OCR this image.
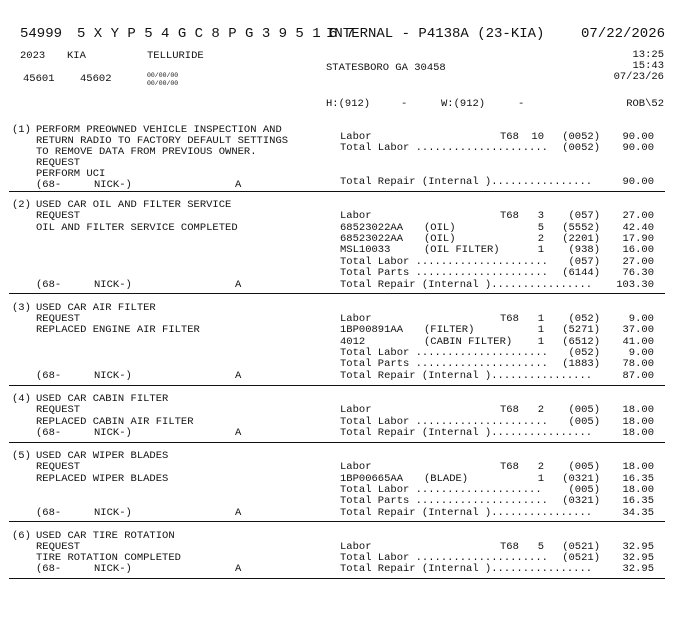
54999 5 X Y P 5 4 G C 8 P G 3 9 5 1 6 7
INTERNAL - P4138A (23-KIA)	07/22/2026
2023 KIA	TELLURIDE	13:25
15:43
07/23/26
STATESBORO GA 30458
45601 45602	00/00/00
00/00/00
H:(912)	-	W:(912)	-	ROB\52
(1) PERFORM PREOWNED VEHICLE INSPECTION AND
RETURN RADIO TO FACTORY DEFAULT SETTINGS
TO REMOVE DATA FROM PREVIOUS OWNER.
REQUEST
PERFORM UCI
(68-	NICK-)	A
Labor	T68	10	(0052)	90.00
Total Labor .....................	(0052)	90.00
Total Repair (Internal )................	90.00
(2) USED CAR OIL AND FILTER SERVICE
REQUEST
OIL AND FILTER SERVICE COMPLETED
(68-	NICK-)	A
Labor	T68	3	(057)	27.00
68523022AA (OIL)	5	(5552)	42.40
68523022AA (OIL)	2	(2201)	17.90
MSL10033	(OIL FILTER)	1	(938)	16.00
Total Labor .....................	(057)	27.00
Total Parts .....................	(6144)	76.30
Total Repair (Internal )................	103.30
(3) USED CAR AIR FILTER
REQUEST
REPLACED ENGINE AIR FILTER
(68-	NICK-)	A
Labor	T68	1	(052)	9.00
1BP00891AA (FILTER)	1	(5271)	37.00
4012	(CABIN FILTER)	1	(6512)	41.00
Total Labor .....................	(052)	9.00
Total Parts .....................	(1883)	78.00
Total Repair (Internal )................	87.00
(4) USED CAR CABIN FILTER
REQUEST
REPLACED CABIN AIR FILTER
(68-	NICK-)	A
Labor	T68	2	(005)	18.00
Total Labor .....................	(005)	18.00
Total Repair (Internal )................	18.00
(5) USED CAR WIPER BLADES
REQUEST
REPLACED WIPER BLADES
(68-	NICK-)	A
Labor	T68	2	(005)	18.00
1BP00665AA (BLADE)	1	(0321)	16.35
Total Labor ....................	(005)	18.00
Total Parts .....................	(0321)	16.35
Total Repair (Internal )................	34.35
(6) USED CAR TIRE ROTATION
REQUEST
TIRE ROTATION COMPLETED
(68-	NICK-)	A
Labor	T68	5	(0521)	32.95
Total Labor .....................	(0521)	32.95
Total Repair (Internal )................	32.95
